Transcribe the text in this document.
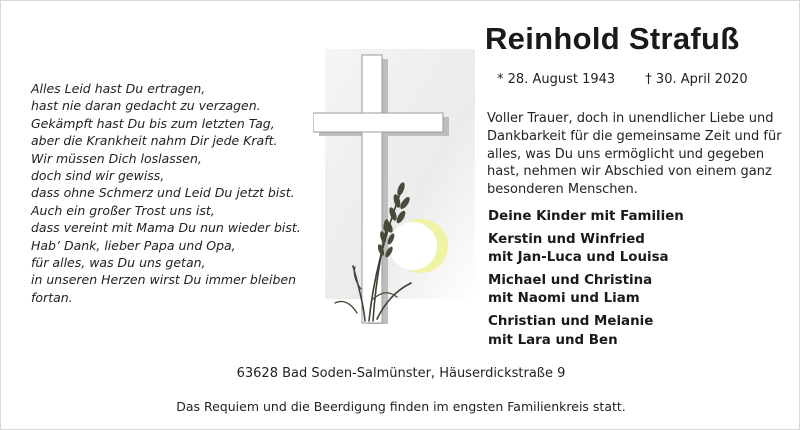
Alles Leid hast Du ertragen,
hast nie daran gedacht zu verzagen.
Gekämpft hast Du bis zum letzten Tag,
aber die Krankheit nahm Dir jede Kraft.
Wir müssen Dich loslassen,
doch sind wir gewiss,
dass ohne Schmerz und Leid Du jetzt bist.
Auch ein großer Trost uns ist,
dass vereint mit Mama Du nun wieder bist.
Hab’ Dank, lieber Papa und Opa,
für alles, was Du uns getan,
in unseren Herzen wirst Du immer bleiben
fortan.
Reinhold Strafuß
* 28. August 1943 † 30. April 2020
Voller Trauer, doch in unendlicher Liebe und
Dankbarkeit für die gemeinsame Zeit und für
alles, was Du uns ermöglicht und gegeben
hast, nehmen wir Abschied von einem ganz
besonderen Menschen.
Deine Kinder mit Familien
Kerstin und Winfried
mit Jan-Luca und Louisa
Michael und Christina
mit Naomi und Liam
Christian und Melanie
mit Lara und Ben
63628 Bad Soden-Salmünster, Häuserdickstraße 9
Das Requiem und die Beerdigung finden im engsten Familienkreis statt.
